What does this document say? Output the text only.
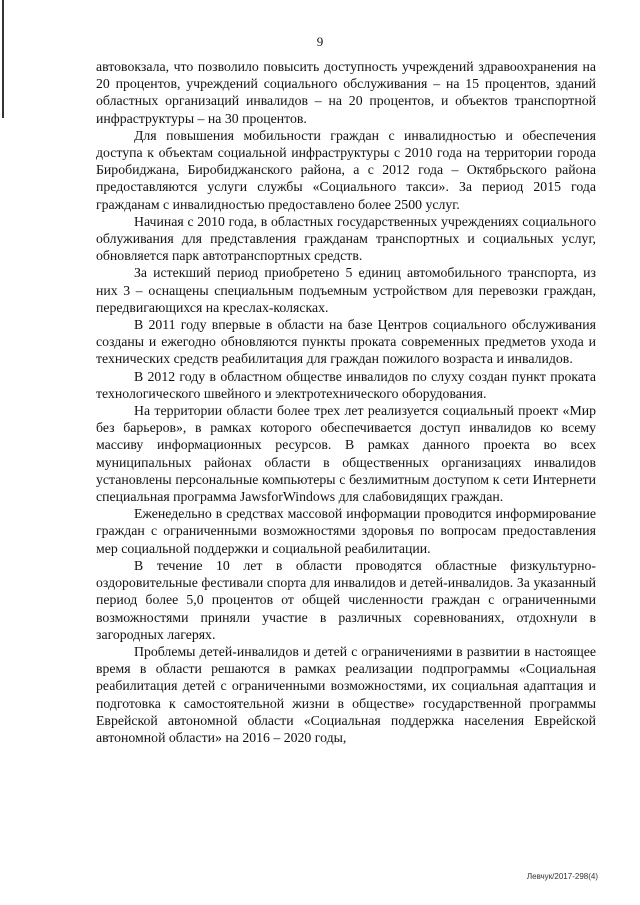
9

автовокзала, что позволило повысить доступность учреждений здравоохранения на 20 процентов, учреждений социального обслуживания – на 15 процентов, зданий областных организаций инвалидов – на 20 процентов, и объектов транспортной инфраструктуры – на 30 процентов.

Для повышения мобильности граждан с инвалидностью и обеспечения доступа к объектам социальной инфраструктуры с 2010 года на территории города Биробиджана, Биробиджанского района, а с 2012 года – Октябрьского района предоставляются услуги службы «Социального такси». За период 2015 года гражданам с инвалидностью предоставлено более 2500 услуг.

Начиная с 2010 года, в областных государственных учреждениях социального облуживания для представления гражданам транспортных и социальных услуг, обновляется парк автотранспортных средств.

За истекший период приобретено 5 единиц автомобильного транспорта, из них 3 – оснащены специальным подъемным устройством для перевозки граждан, передвигающихся на креслах-колясках.

В 2011 году впервые в области на базе Центров социального обслуживания созданы и ежегодно обновляются пункты проката современных предметов ухода и технических средств реабилитация для граждан пожилого возраста и инвалидов.

В 2012 году в областном обществе инвалидов по слуху создан пункт проката технологического швейного и электротехнического оборудования.

На территории области более трех лет реализуется социальный проект «Мир без барьеров», в рамках которого обеспечивается доступ инвалидов ко всему массиву информационных ресурсов. В рамках данного проекта во всех муниципальных районах области в общественных организациях инвалидов установлены персональные компьютеры с безлимитным доступом к сети Интернети специальная программа JawsforWindows для слабовидящих граждан.

Еженедельно в средствах массовой информации проводится информирование граждан с ограниченными возможностями здоровья по вопросам предоставления мер социальной поддержки и социальной реабилитации.

В течение 10 лет в области проводятся областные физкультурно-оздоровительные фестивали спорта для инвалидов и детей-инвалидов. За указанный период более 5,0 процентов от общей численности граждан с ограниченными возможностями приняли участие в различных соревнованиях, отдохнули в загородных лагерях.

Проблемы детей-инвалидов и детей с ограничениями в развитии в настоящее время в области решаются в рамках реализации подпрограммы «Социальная реабилитация детей с ограниченными возможностями, их социальная адаптация и подготовка к самостоятельной жизни в обществе» государственной программы Еврейской автономной области «Социальная поддержка населения Еврейской автономной области» на 2016 – 2020 годы,

Левчук/2017-298(4)
